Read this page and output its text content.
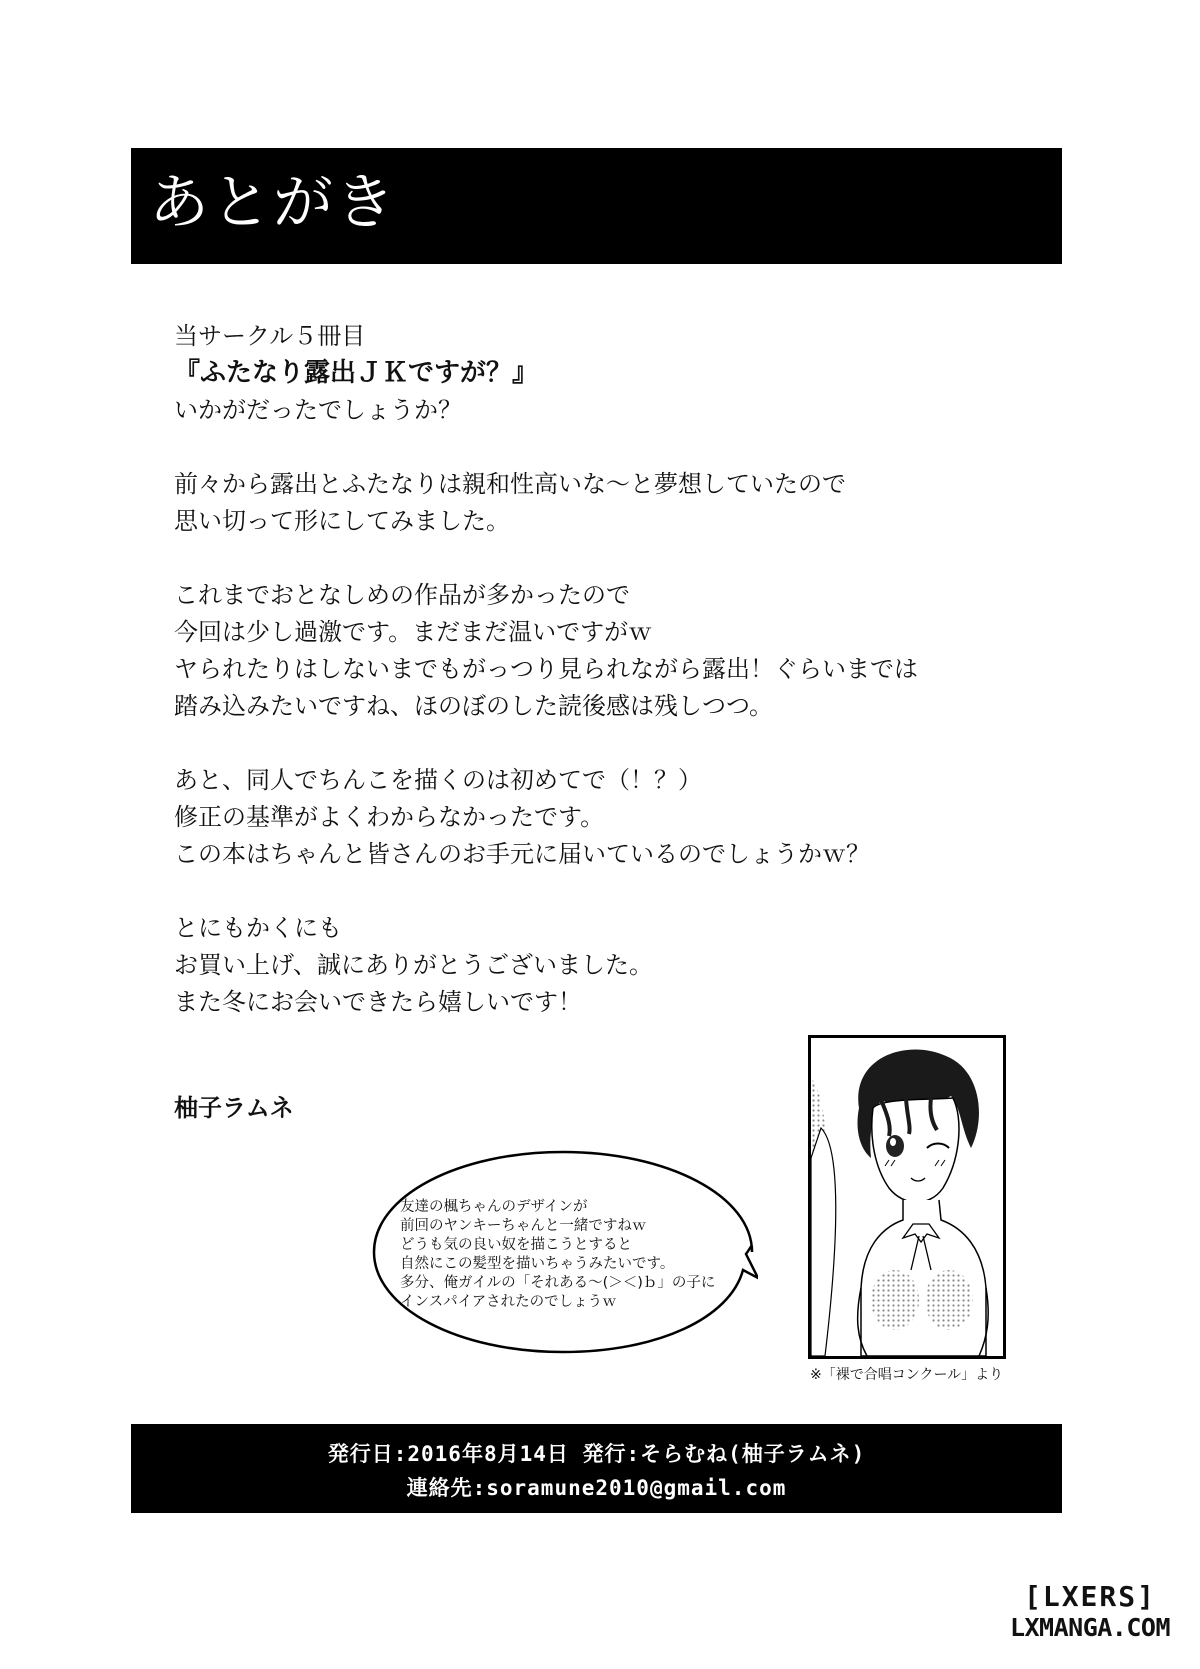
あとがき

当サークル５冊目

『ふたなり露出ＪＫですが？』

いかがだったでしょうか？

前々から露出とふたなりは親和性高いな～と夢想していたので

思い切って形にしてみました。

これまでおとなしめの作品が多かったので

今回は少し過激です。まだまだ温いですがｗ

ヤられたりはしないまでもがっつり見られながら露出！ぐらいまでは

踏み込みたいですね、ほのぼのした読後感は残しつつ。

あと、同人でちんこを描くのは初めてで（！？）

修正の基準がよくわからなかったです。

この本はちゃんと皆さんのお手元に届いているのでしょうかｗ？

とにもかくにも

お買い上げ、誠にありがとうございました。

また冬にお会いできたら嬉しいです！

柚子ラムネ
友達の楓ちゃんのデザインが
前回のヤンキーちゃんと一緒ですねｗ
どうも気の良い奴を描こうとすると
自然にこの髪型を描いちゃうみたいです。
多分、俺ガイルの「それある～(＞＜)ｂ」の子に
インスパイアされたのでしょうｗ
※「裸で合唱コンクール」より
発行日:2016年8月14日 発行:そらむね(柚子ラムネ)
連絡先:soramune2010@gmail.com
[LXERS]
LXMANGA.COM
